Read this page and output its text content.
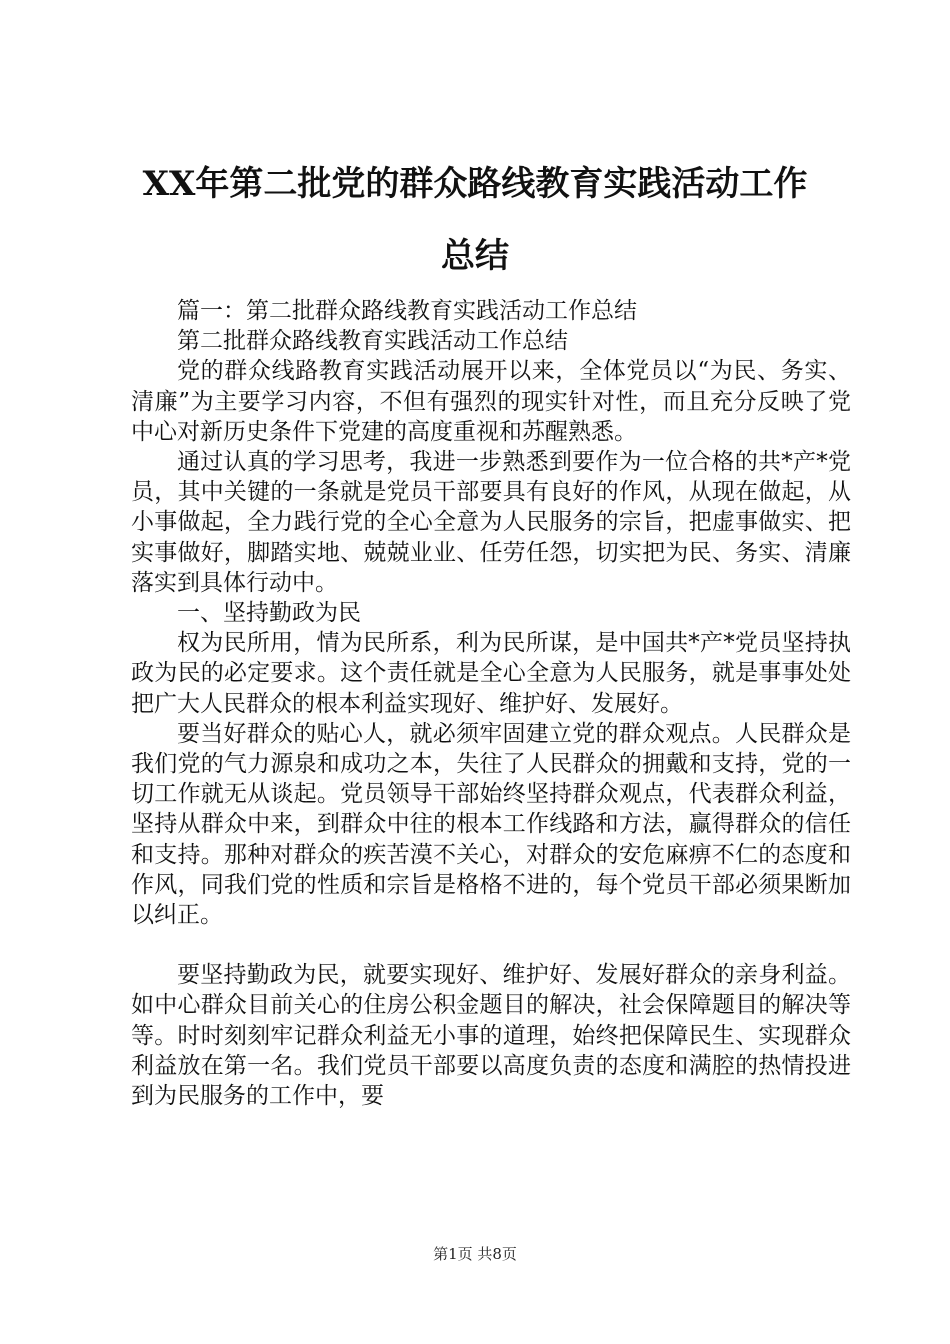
XX年第二批党的群众路线教育实践活动工作
总结

篇一：第二批群众路线教育实践活动工作总结

第二批群众路线教育实践活动工作总结

党的群众线路教育实践活动展开以来，全体党员以“为民、务实、清廉”为主要学习内容，不但有强烈的现实针对性，而且充分反映了党中心对新历史条件下党建的高度重视和苏醒熟悉。

通过认真的学习思考，我进一步熟悉到要作为一位合格的共*产*党员，其中关键的一条就是党员干部要具有良好的作风，从现在做起，从小事做起，全力践行党的全心全意为人民服务的宗旨，把虚事做实、把实事做好，脚踏实地、兢兢业业、任劳任怨，切实把为民、务实、清廉落实到具体行动中。

一、坚持勤政为民

权为民所用，情为民所系，利为民所谋，是中国共*产*党员坚持执政为民的必定要求。这个责任就是全心全意为人民服务，就是事事处处把广大人民群众的根本利益实现好、维护好、发展好。

要当好群众的贴心人，就必须牢固建立党的群众观点。人民群众是我们党的气力源泉和成功之本，失往了人民群众的拥戴和支持，党的一切工作就无从谈起。党员领导干部始终坚持群众观点，代表群众利益，坚持从群众中来，到群众中往的根本工作线路和方法，赢得群众的信任和支持。那种对群众的疾苦漠不关心，对群众的安危麻痹不仁的态度和作风，同我们党的性质和宗旨是格格不进的，每个党员干部必须果断加以纠正。

要坚持勤政为民，就要实现好、维护好、发展好群众的亲身利益。如中心群众目前关心的住房公积金题目的解决，社会保障题目的解决等等。时时刻刻牢记群众利益无小事的道理，始终把保障民生、实现群众利益放在第一名。我们党员干部要以高度负责的态度和满腔的热情投进到为民服务的工作中，要

第1页 共8页
